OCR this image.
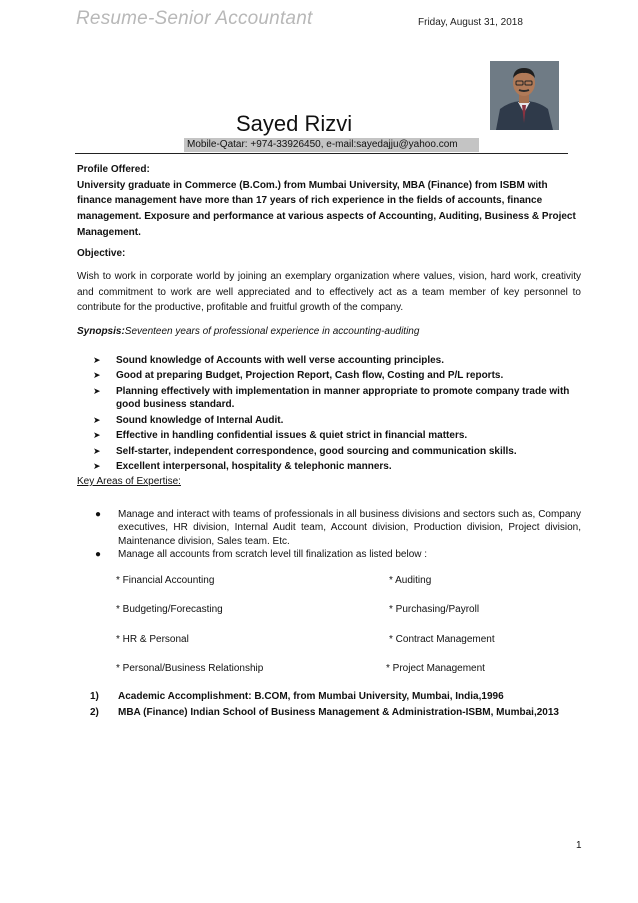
Resume-Senior Accountant	Friday, August 31, 2018
Sayed Rizvi
Mobile-Qatar: +974-33926450, e-mail:sayedajju@yahoo.com
Profile Offered:
University graduate in Commerce (B.Com.) from Mumbai University, MBA (Finance) from ISBM with finance management have more than 17 years of rich experience in the fields of accounts, finance management. Exposure and performance at various aspects of Accounting, Auditing, Business & Project Management.
Objective:
Wish to work in corporate world by joining an exemplary organization where values, vision, hard work, creativity and commitment to work are well appreciated and to effectively act as a team member of key personnel to contribute for the productive, profitable and fruitful growth of the company.
Synopsis:Seventeen years of professional experience in accounting-auditing
➤ Sound knowledge of Accounts with well verse accounting principles.
➤ Good at preparing Budget, Projection Report, Cash flow, Costing and P/L reports.
➤ Planning effectively with implementation in manner appropriate to promote company trade with good business standard.
➤ Sound knowledge of Internal Audit.
➤ Effective in handling confidential issues & quiet strict in financial matters.
➤ Self-starter, independent correspondence, good sourcing and communication skills.
➤ Excellent interpersonal, hospitality & telephonic manners.
Key Areas of Expertise:
● Manage and interact with teams of professionals in all business divisions and sectors such as, Company executives, HR division, Internal Audit team, Account division, Production division, Project division, Maintenance division, Sales team. Etc.
● Manage all accounts from scratch level till finalization as listed below :
* Financial Accounting	* Auditing
* Budgeting/Forecasting	* Purchasing/Payroll
* HR & Personal	* Contract Management
* Personal/Business Relationship	* Project Management
1) Academic Accomplishment: B.COM, from Mumbai University, Mumbai, India,1996
2) MBA (Finance) Indian School of Business Management & Administration-ISBM, Mumbai,2013
1
